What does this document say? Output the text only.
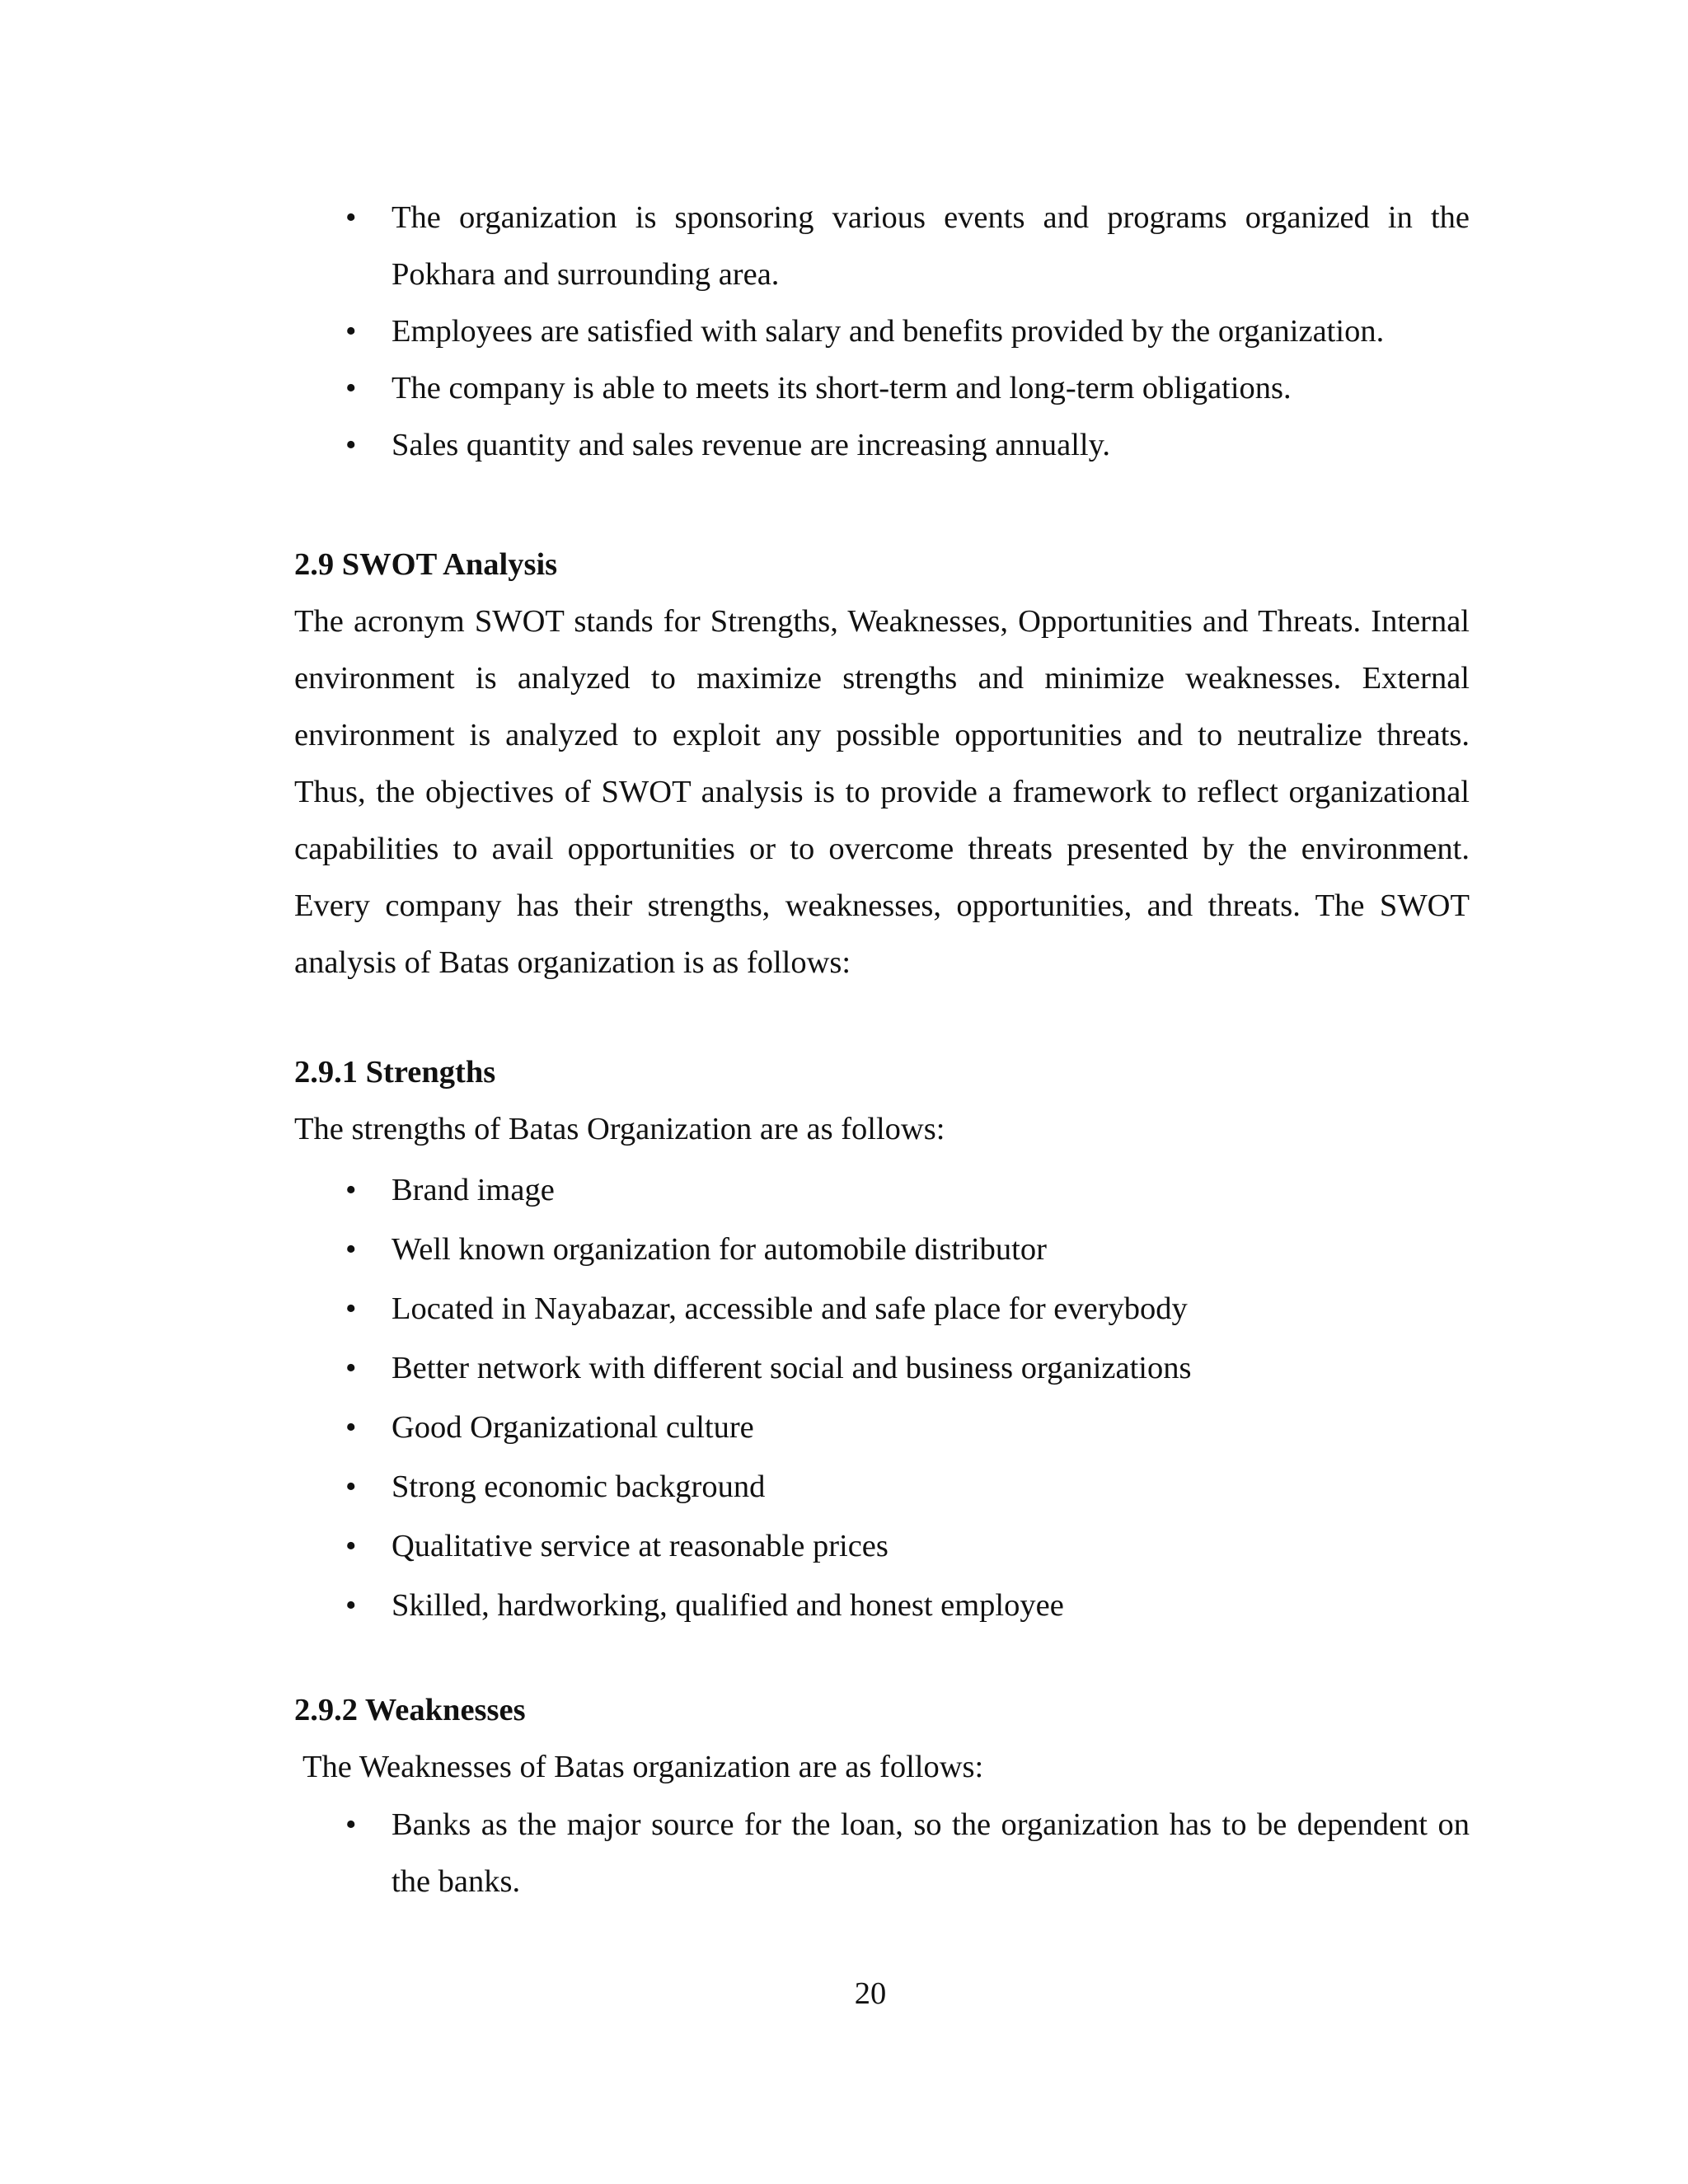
• The organization is sponsoring various events and programs organized in the Pokhara and surrounding area.
• Employees are satisfied with salary and benefits provided by the organization.
• The company is able to meets its short-term and long-term obligations.
• Sales quantity and sales revenue are increasing annually.
2.9 SWOT Analysis

The acronym SWOT stands for Strengths, Weaknesses, Opportunities and Threats. Internal environment is analyzed to maximize strengths and minimize weaknesses. External environment is analyzed to exploit any possible opportunities and to neutralize threats. Thus, the objectives of SWOT analysis is to provide a framework to reflect organizational capabilities to avail opportunities or to overcome threats presented by the environment. Every company has their strengths, weaknesses, opportunities, and threats. The SWOT analysis of Batas organization is as follows:

2.9.1 Strengths

The strengths of Batas Organization are as follows:

• Brand image
• Well known organization for automobile distributor
• Located in Nayabazar, accessible and safe place for everybody
• Better network with different social and business organizations
• Good Organizational culture
• Strong economic background
• Qualitative service at reasonable prices
• Skilled, hardworking, qualified and honest employee
2.9.2 Weaknesses

The Weaknesses of Batas organization are as follows:

• Banks as the major source for the loan, so the organization has to be dependent on the banks.
20
